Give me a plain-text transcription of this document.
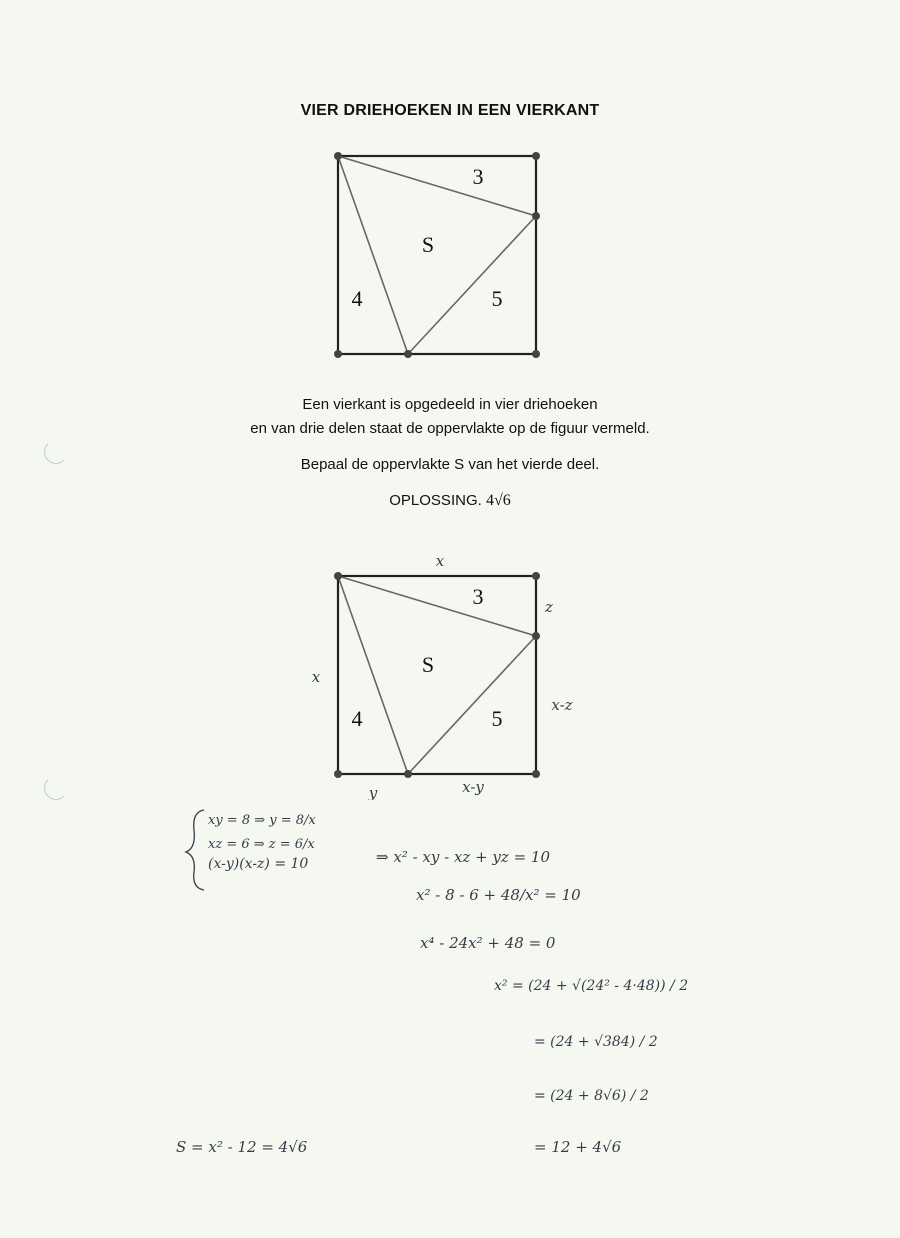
VIER DRIEHOEKEN IN EEN VIERKANT
3
S
4	5
Een vierkant is opgedeeld in vier driehoeken
en van drie delen staat de oppervlakte op de figuur vermeld.
Bepaal de oppervlakte S van het vierde deel.
OPLOSSING. 4√6
3
S
4	5
x
x
z
x-z
y	x-y
xy = 8 ⇒ y = 8/x
xz = 6 ⇒ z = 6/x
(x-y)(x-z) = 10	⇒ x² - xy - xz + yz = 10
x² - 8 - 6 + 48/x² = 10
x⁴ - 24x² + 48 = 0
x² = (24 + √(24² - 4·48)) / 2
= (24 + √384) / 2
= (24 + 8√6) / 2
= 12 + 4√6
S = x² - 12 = 4√6
